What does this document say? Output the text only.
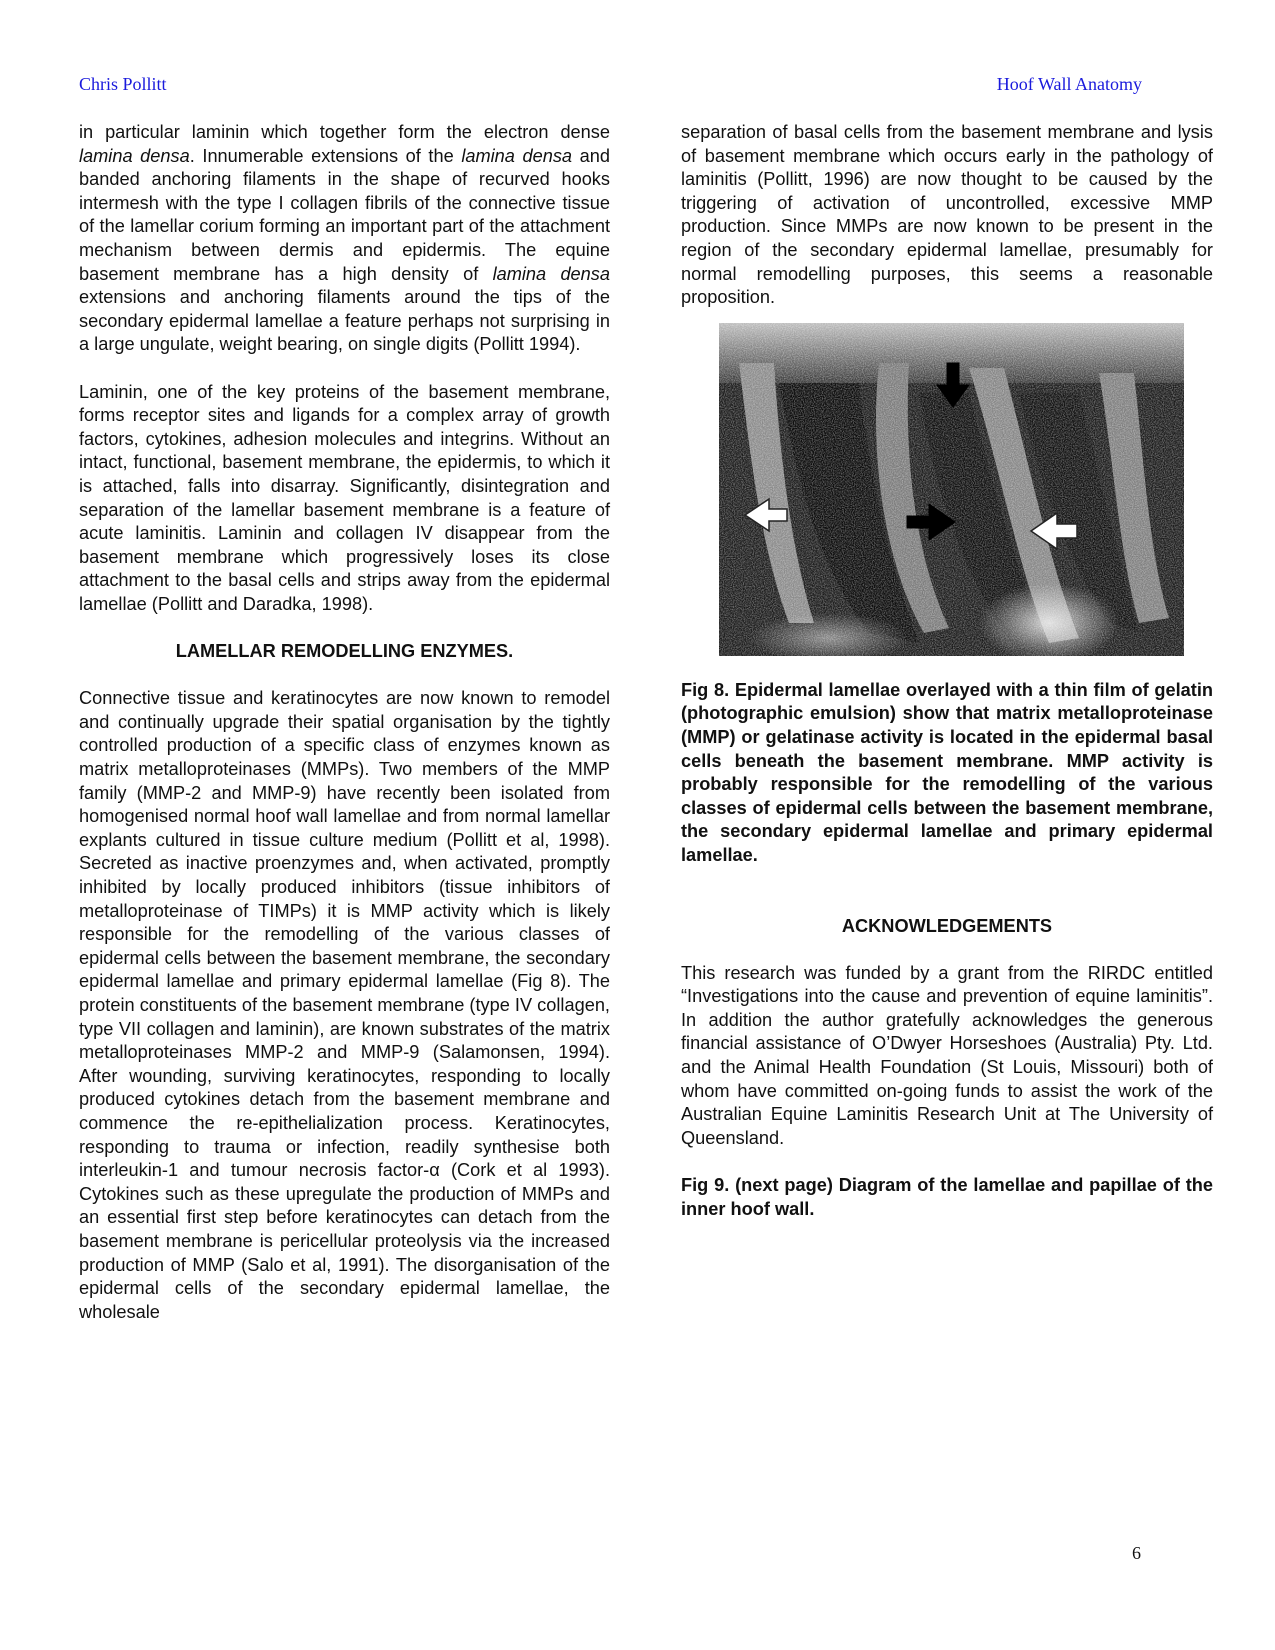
Chris Pollitt	Hoof Wall Anatomy

in particular laminin which together form the electron dense lamina densa. Innumerable extensions of the lamina densa and banded anchoring filaments in the shape of recurved hooks intermesh with the type I collagen fibrils of the connective tissue of the lamellar corium forming an important part of the attachment mechanism between dermis and epidermis. The equine basement membrane has a high density of lamina densa extensions and anchoring filaments around the tips of the secondary epidermal lamellae a feature perhaps not surprising in a large ungulate, weight bearing, on single digits (Pollitt 1994).

Laminin, one of the key proteins of the basement membrane, forms receptor sites and ligands for a complex array of growth factors, cytokines, adhesion molecules and integrins. Without an intact, functional, basement membrane, the epidermis, to which it is attached, falls into disarray. Significantly, disintegration and separation of the lamellar basement membrane is a feature of acute laminitis. Laminin and collagen IV disappear from the basement membrane which progressively loses its close attachment to the basal cells and strips away from the epidermal lamellae (Pollitt and Daradka, 1998).

LAMELLAR REMODELLING ENZYMES.

Connective tissue and keratinocytes are now known to remodel and continually upgrade their spatial organisation by the tightly controlled production of a specific class of enzymes known as matrix metalloproteinases (MMPs). Two members of the MMP family (MMP-2 and MMP-9) have recently been isolated from homogenised normal hoof wall lamellae and from normal lamellar explants cultured in tissue culture medium (Pollitt et al, 1998). Secreted as inactive proenzymes and, when activated, promptly inhibited by locally produced inhibitors (tissue inhibitors of metalloproteinase of TIMPs) it is MMP activity which is likely responsible for the remodelling of the various classes of epidermal cells between the basement membrane, the secondary epidermal lamellae and primary epidermal lamellae (Fig 8). The protein constituents of the basement membrane (type IV collagen, type VII collagen and laminin), are known substrates of the matrix metalloproteinases MMP-2 and MMP-9 (Salamonsen, 1994). After wounding, surviving keratinocytes, responding to locally produced cytokines detach from the basement membrane and commence the re-epithelialization process. Keratinocytes, responding to trauma or infection, readily synthesise both interleukin-1 and tumour necrosis factor-α (Cork et al 1993). Cytokines such as these upregulate the production of MMPs and an essential first step before keratinocytes can detach from the basement membrane is pericellular proteolysis via the increased production of MMP (Salo et al, 1991). The disorganisation of the epidermal cells of the secondary epidermal lamellae, the wholesale

separation of basal cells from the basement membrane and lysis of basement membrane which occurs early in the pathology of laminitis (Pollitt, 1996) are now thought to be caused by the triggering of activation of uncontrolled, excessive MMP production. Since MMPs are now known to be present in the region of the secondary epidermal lamellae, presumably for normal remodelling purposes, this seems a reasonable proposition.

Fig 8. Epidermal lamellae overlayed with a thin film of gelatin (photographic emulsion) show that matrix metalloproteinase (MMP) or gelatinase activity is located in the epidermal basal cells beneath the basement membrane. MMP activity is probably responsible for the remodelling of the various classes of epidermal cells between the basement membrane, the secondary epidermal lamellae and primary epidermal lamellae.

ACKNOWLEDGEMENTS

This research was funded by a grant from the RIRDC entitled “Investigations into the cause and prevention of equine laminitis”. In addition the author gratefully acknowledges the generous financial assistance of O’Dwyer Horseshoes (Australia) Pty. Ltd. and the Animal Health Foundation (St Louis, Missouri) both of whom have committed on-going funds to assist the work of the Australian Equine Laminitis Research Unit at The University of Queensland.

Fig 9. (next page) Diagram of the lamellae and papillae of the inner hoof wall.

6
